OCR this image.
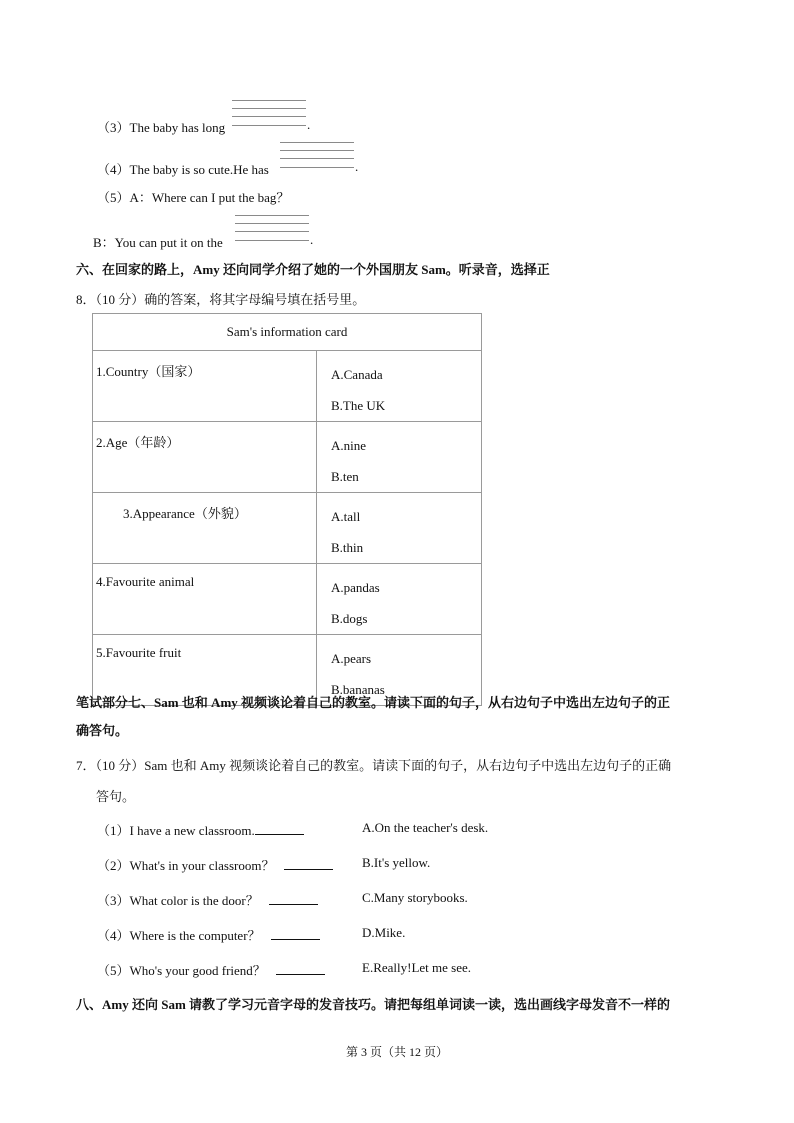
（3）The baby has long	.
（4）The baby is so cute.He has	.
（5）A：Where can I put the bag？
B：You can put it on the	.
六、在回家的路上，Amy 还向同学介绍了她的一个外国朋友 Sam。听录音，选择正
8．（10 分）确的答案，将其字母编号填在括号里。
Sam's information card	
1.Country（国家）	A.Canada
B.The UK

2.Age（年龄）	A.nine
B.ten

3.Appearance（外貌）	A.tall
B.thin

4.Favourite animal	A.pandas
B.dogs

5.Favourite fruit	A.pears
B.bananas
笔试部分七、Sam 也和 Amy 视频谈论着自己的教室。请读下面的句子，从右边句子中选出左边句子的正
确答句。
7．（10 分）Sam 也和 Amy 视频谈论着自己的教室。请读下面的句子，从右边句子中选出左边句子的正确
答句。
（1）I have a new classroom.	A.On the teacher's desk.
（2）What's in your classroom？	B.It's yellow.
（3）What color is the door？	C.Many storybooks.
（4）Where is the computer？	D.Mike.
（5）Who's your good friend？	E.Really!Let me see.
八、Amy 还向 Sam 请教了学习元音字母的发音技巧。请把每组单词读一读，选出画线字母发音不一样的
第 3 页（共 12 页）
